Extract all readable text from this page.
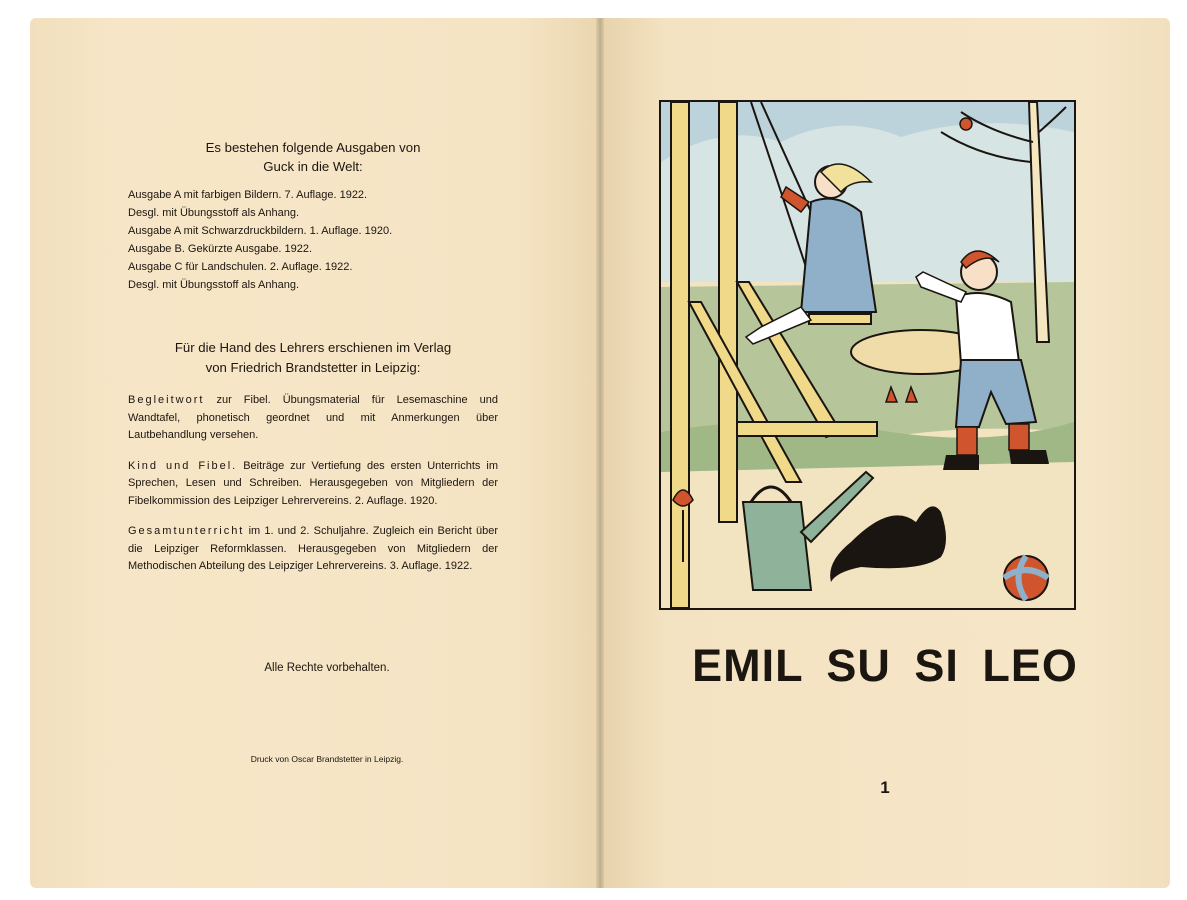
Es bestehen folgende Ausgaben von
Guck in die Welt:

Ausgabe A mit farbigen Bildern. 7. Auflage. 1922.
Desgl. mit Übungsstoff als Anhang.
Ausgabe A mit Schwarzdruckbildern. 1. Auflage. 1920.
Ausgabe B. Gekürzte Ausgabe. 1922.
Ausgabe C für Landschulen. 2. Auflage. 1922.
Desgl. mit Übungsstoff als Anhang.
Für die Hand des Lehrers erschienen im Verlag
von Friedrich Brandstetter in Leipzig:
Begleitwort zur Fibel. Übungsmaterial für Lesemaschine und Wandtafel, phonetisch geordnet und mit Anmerkungen über Lautbehandlung versehen.
Kind und Fibel. Beiträge zur Vertiefung des ersten Unterrichts im Sprechen, Lesen und Schreiben. Herausgegeben von Mitgliedern der Fibelkommission des Leipziger Lehrervereins. 2. Auflage. 1920.
Gesamtunterricht im 1. und 2. Schuljahre. Zugleich ein Bericht über die Leipziger Reformklassen. Herausgegeben von Mitgliedern der Methodischen Abteilung des Leipziger Lehrervereins. 3. Auflage. 1922.
Alle Rechte vorbehalten.
Druck von Oscar Brandstetter in Leipzig.
EMIL SU SI LEO
1
